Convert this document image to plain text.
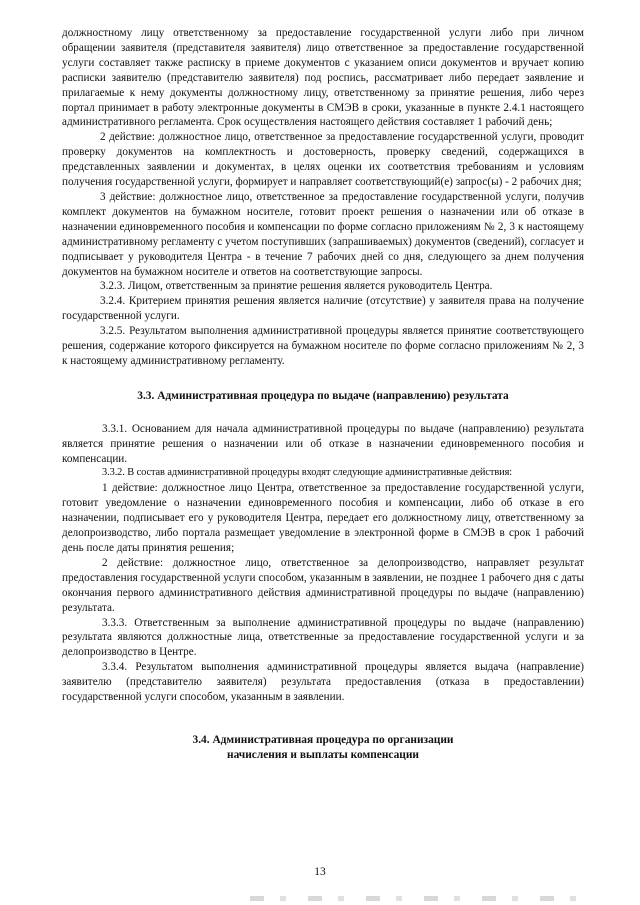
должностному лицу ответственному за предоставление государственной услуги либо при личном обращении заявителя (представителя заявителя) лицо ответственное за предоставление государственной услуги составляет также расписку в приеме документов с указанием описи документов и вручает копию расписки заявителю (представителю заявителя) под роспись, рассматривает либо передает заявление и прилагаемые к нему документы должностному лицу, ответственному за принятие решения, либо через портал принимает в работу электронные документы в СМЭВ в сроки, указанные в пункте 2.4.1 настоящего административного регламента. Срок осуществления настоящего действия составляет 1 рабочий день;

2 действие: должностное лицо, ответственное за предоставление государственной услуги, проводит проверку документов на комплектность и достоверность, проверку сведений, содержащихся в представленных заявлении и документах, в целях оценки их соответствия требованиям и условиям получения государственной услуги, формирует и направляет соответствующий(е) запрос(ы) - 2 рабочих дня;

3 действие: должностное лицо, ответственное за предоставление государственной услуги, получив комплект документов на бумажном носителе, готовит проект решения о назначении или об отказе в назначении единовременного пособия и компенсации по форме согласно приложениям № 2, 3 к настоящему административному регламенту с учетом поступивших (запрашиваемых) документов (сведений), согласует и подписывает у руководителя Центра - в течение 7 рабочих дней со дня, следующего за днем получения документов на бумажном носителе и ответов на соответствующие запросы.

3.2.3. Лицом, ответственным за принятие решения является руководитель Центра.

3.2.4. Критерием принятия решения является наличие (отсутствие) у заявителя права на получение государственной услуги.

3.2.5. Результатом выполнения административной процедуры является принятие соответствующего решения, содержание которого фиксируется на бумажном носителе по форме согласно приложениям № 2, 3 к настоящему административному регламенту.

3.3. Административная процедура по выдаче (направлению) результата

3.3.1. Основанием для начала административной процедуры по выдаче (направлению) результата является принятие решения о назначении или об отказе в назначении единовременного пособия и компенсации.

3.3.2. В состав административной процедуры входят следующие административные действия:

1 действие: должностное лицо Центра, ответственное за предоставление государственной услуги, готовит уведомление о назначении единовременного пособия и компенсации, либо об отказе в его назначении, подписывает его у руководителя Центра, передает его должностному лицу, ответственному за делопроизводство, либо портала размещает уведомление в электронной форме в СМЭВ в срок 1 рабочий день после даты принятия решения;

2 действие: должностное лицо, ответственное за делопроизводство, направляет результат предоставления государственной услуги способом, указанным в заявлении, не позднее 1 рабочего дня с даты окончания первого административного действия административной процедуры по выдаче (направлению) результата.

3.3.3. Ответственным за выполнение административной процедуры по выдаче (направлению) результата являются должностные лица, ответственные за предоставление государственной услуги и за делопроизводство в Центре.

3.3.4. Результатом выполнения административной процедуры является выдача (направление) заявителю (представителю заявителя) результата предоставления (отказа в предоставлении) государственной услуги способом, указанным в заявлении.

3.4. Административная процедура по организации

начисления и выплаты компенсации

13
